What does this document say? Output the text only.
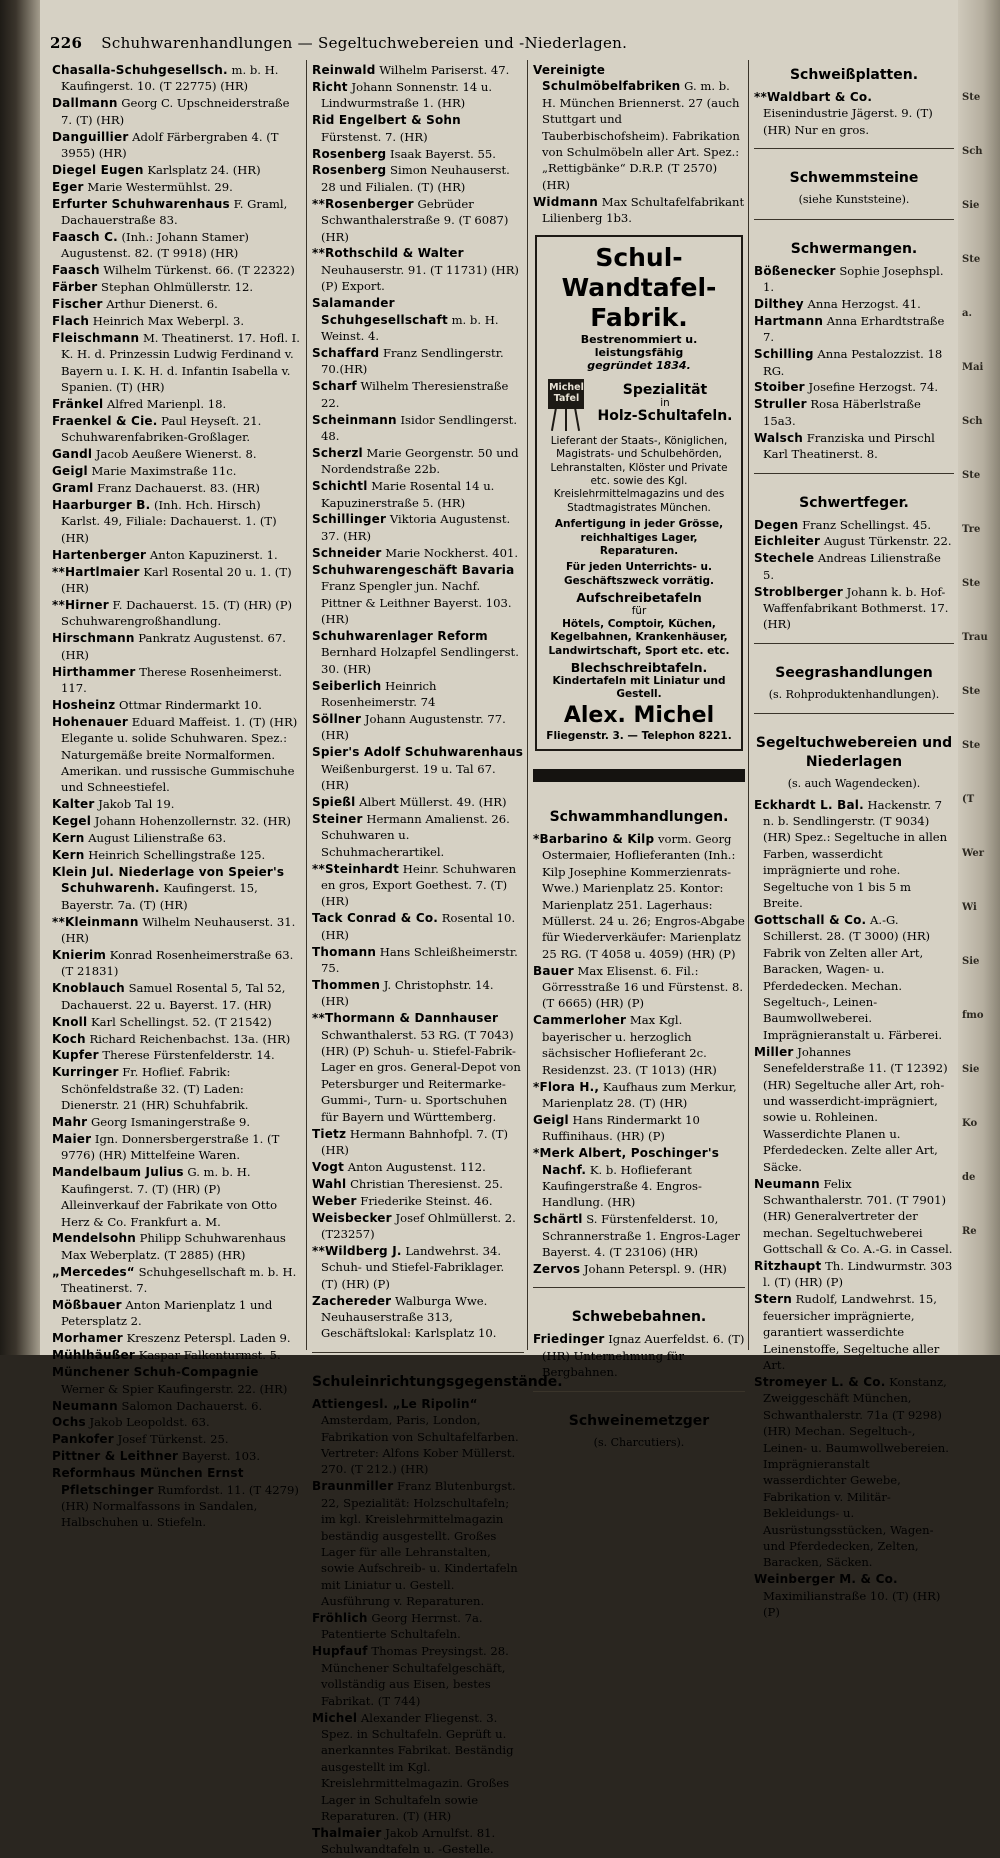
226 Schuhwarenhandlungen — Segeltuchwebereien und -Niederlagen.
Chasalla-Schuhgesellsch. m. b. H. Kaufingerst. 10. (T 22775) (HR)
Dallmann Georg C. Upschneiderstraße 7. (T) (HR)
Danguillier Adolf Färbergraben 4. (T 3955) (HR)
Diegel Eugen Karlsplatz 24. (HR)
Eger Marie Westermühlst. 29.
Erfurter Schuhwarenhaus F. Graml, Dachauerstraße 83.
Faasch C. (Inh.: Johann Stamer) Augustenst. 82. (T 9918) (HR)
Faasch Wilhelm Türkenst. 66. (T 22322)
Färber Stephan Ohlmüllerstr. 12.
Fischer Arthur Dienerst. 6.
Flach Heinrich Max Weberpl. 3.
Fleischmann M. Theatinerst. 17. Hofl. I. K. H. d. Prinzessin Ludwig Ferdinand v. Bayern u. I. K. H. d. Infantin Isabella v. Spanien. (T) (HR)
Fränkel Alfred Marienpl. 18.
Fraenkel & Cie. Paul Heyseſt. 21. Schuhwarenfabriken-Großlager.
Gandl Jacob Aeußere Wienerst. 8.
Geigl Marie Maximstraße 11c.
Graml Franz Dachauerst. 83. (HR)
Haarburger B. (Inh. Hch. Hirsch) Karlst. 49, Filiale: Dachauerst. 1. (T)(HR)
Hartenberger Anton Kapuzinerst. 1.
**Hartlmaier Karl Rosental 20 u. 1. (T) (HR)
**Hirner F. Dachauerst. 15. (T) (HR) (P) Schuhwarengroßhandlung.
Hirschmann Pankratz Augustenst. 67.(HR)
Hirthammer Therese Rosenheimerst. 117.
Hosheinz Ottmar Rindermarkt 10.
Hohenauer Eduard Maffeist. 1. (T) (HR) Elegante u. solide Schuhwaren. Spez.: Naturgemäße breite Normalformen. Amerikan. und russische Gummischuhe und Schneestiefel.
Kalter Jakob Tal 19.
Kegel Johann Hohenzollernstr. 32. (HR)
Kern August Lilienstraße 63.
Kern Heinrich Schellingstraße 125.
Klein Jul. Niederlage von Speier's Schuhwarenh. Kaufingerst. 15, Bayerstr. 7a. (T) (HR)
**Kleinmann Wilhelm Neuhauserst. 31. (HR)
Knierim Konrad Rosenheimerstraße 63. (T 21831)
Knoblauch Samuel Rosental 5, Tal 52, Dachauerst. 22 u. Bayerst. 17. (HR)
Knoll Karl Schellingst. 52. (T 21542)
Koch Richard Reichenbachst. 13a. (HR)
Kupfer Therese Fürstenfelderstr. 14.
Kurringer Fr. Hoflief. Fabrik: Schönfeldstraße 32. (T) Laden: Dienerstr. 21 (HR) Schuhfabrik.
Mahr Georg Ismaningerstraße 9.
Maier Ign. Donnersbergerstraße 1. (T 9776) (HR) Mittelfeine Waren.
Mandelbaum Julius G. m. b. H. Kaufingerst. 7. (T) (HR) (P) Alleinverkauf der Fabrikate von Otto Herz & Co. Frankfurt a. M.
Mendelsohn Philipp Schuhwarenhaus Max Weberplatz. (T 2885) (HR)
„Mercedes“ Schuhgesellschaft m. b. H. Theatinerst. 7.
Mößbauer Anton Marienplatz 1 und Petersplatz 2.
Morhamer Kreszenz Peterspl. Laden 9.
Mühlhäußer Kaspar Falkenturmst. 5.
Münchener Schuh-Compagnie Werner & Spier Kaufingerstr. 22. (HR)
Neumann Salomon Dachauerst. 6.
Ochs Jakob Leopoldst. 63.
Pankofer Josef Türkenst. 25.
Pittner & Leithner Bayerst. 103.
Reformhaus München Ernst Pfletschinger Rumfordst. 11. (T 4279) (HR) Normalfassons in Sandalen, Halbschuhen u. Stiefeln.
Reinwald Wilhelm Pariserst. 47.
Richt Johann Sonnenstr. 14 u. Lindwurmstraße 1. (HR)
Rid Engelbert & Sohn Fürstenst. 7. (HR)
Rosenberg Isaak Bayerst. 55.
Rosenberg Simon Neuhauserst. 28 und Filialen. (T) (HR)
**Rosenberger Gebrüder Schwanthalerstraße 9. (T 6087) (HR)
**Rothschild & Walter Neuhauserstr. 91. (T 11731) (HR) (P) Export.
Salamander Schuhgesellschaft m. b. H. Weinst. 4.
Schaffard Franz Sendlingerstr. 70.(HR)
Scharf Wilhelm Theresienstraße 22.
Scheinmann Isidor Sendlingerst. 48.
Scherzl Marie Georgenstr. 50 und Nordendstraße 22b.
Schichtl Marie Rosental 14 u. Kapuzinerstraße 5. (HR)
Schillinger Viktoria Augustenst. 37. (HR)
Schneider Marie Nockherst. 401.
Schuhwarengeschäft Bavaria Franz Spengler jun. Nachf. Pittner & Leithner Bayerst. 103. (HR)
Schuhwarenlager Reform Bernhard Holzapfel Sendlingerst. 30. (HR)
Seiberlich Heinrich Rosenheimerstr. 74
Söllner Johann Augustenstr. 77. (HR)
Spier's Adolf Schuhwarenhaus Weißenburgerst. 19 u. Tal 67. (HR)
Spießl Albert Müllerst. 49. (HR)
Steiner Hermann Amalienst. 26. Schuhwaren u. Schuhmacherartikel.
**Steinhardt Heinr. Schuhwaren en gros, Export Goethest. 7. (T) (HR)
Tack Conrad & Co. Rosental 10.(HR)
Thomann Hans Schleißheimerstr. 75.
Thommen J. Christophstr. 14. (HR)
**Thormann & Dannhauser Schwanthalerst. 53 RG. (T 7043) (HR) (P) Schuh- u. Stiefel-Fabrik-Lager en gros. General-Depot von Petersburger und Reitermarke-Gummi-, Turn- u. Sportschuhen für Bayern und Württemberg.
Tietz Hermann Bahnhofpl. 7. (T) (HR)
Vogt Anton Augustenst. 112.
Wahl Christian Theresienst. 25.
Weber Friederike Steinst. 46.
Weisbecker Josef Ohlmüllerst. 2.(T23257)
**Wildberg J. Landwehrst. 34. Schuh- und Stiefel-Fabriklager. (T) (HR) (P)
Zachereder Walburga Wwe. Neuhauserstraße 313, Geschäftslokal: Karlsplatz 10.
Schuleinrichtungsgegenstände.
Attiengesl. „Le Ripolin“ Amsterdam, Paris, London, Fabrikation von Schultafelfarben. Vertreter: Alfons Kober Müllerst. 270. (T 212.) (HR)
Braunmiller Franz Blutenburgst. 22, Spezialität: Holzschultafeln; im kgl. Kreislehrmittelmagazin beständig ausgestellt. Großes Lager für alle Lehranstalten, sowie Aufschreib- u. Kindertafeln mit Liniatur u. Gestell. Ausführung v. Reparaturen.
Fröhlich Georg Herrnst. 7a. Patentierte Schultafeln.
Hupfauf Thomas Preysingst. 28. Münchener Schultafelgeschäft, vollständig aus Eisen, bestes Fabrikat. (T 744)
Michel Alexander Fliegenst. 3. Spez. in Schultafeln. Geprüft u. anerkanntes Fabrikat. Beständig ausgestellt im Kgl. Kreislehrmittelmagazin. Großes Lager in Schultafeln sowie Reparaturen. (T) (HR)
Thalmaier Jakob Arnulfst. 81. Schulwandtafeln u. -Gestelle.
Vereinigte Schulmöbelfabriken G. m. b. H. München Briennerst. 27 (auch Stuttgart und Tauberbischofsheim). Fabrikation von Schulmöbeln aller Art. Spez.: „Rettigbänke“ D.R.P. (T 2570) (HR)
Widmann Max Schultafelfabrikant Lilienberg 1b3.
Schul-Wandtafel-
Fabrik.
Bestrenommiert u. leistungsfähig
gegründet 1834.
Michel
Tafel
Spezialität
in
Holz-Schultafeln.
Lieferant der Staats-, Königlichen, Magistrats- und Schulbehörden, Lehranstalten, Klöster und Private etc. sowie des Kgl. Kreislehrmittelmagazins und des Stadtmagistrates München.
Anfertigung in jeder Grösse, reichhaltiges Lager, Reparaturen.
Für jeden Unterrichts- u. Geschäftszweck vorrätig.
Aufschreibetafeln
für
Hötels, Comptoir, Küchen, Kegelbahnen, Krankenhäuser, Landwirtschaft, Sport etc. etc.
Blechschreibtafeln.
Kindertafeln mit Liniatur und Gestell.
Alex. Michel
Fliegenstr. 3. — Telephon 8221.
Schwammhandlungen.
*Barbarino & Kilp vorm. Georg Ostermaier, Hoflieferanten (Inh.: Kilp Josephine Kommerzienrats-Wwe.) Marienplatz 25. Kontor: Marienplatz 251. Lagerhaus: Müllerst. 24 u. 26; Engros-Abgabe für Wiederverkäufer: Marienplatz 25 RG. (T 4058 u. 4059) (HR) (P)
Bauer Max Elisenst. 6. Fil.: Görresstraße 16 und Fürstenst. 8. (T 6665) (HR) (P)
Cammerloher Max Kgl. bayerischer u. herzoglich sächsischer Hoflieferant 2c. Residenzst. 23. (T 1013) (HR)
*Flora H., Kaufhaus zum Merkur, Marienplatz 28. (T) (HR)
Geigl Hans Rindermarkt 10 Ruffinihaus. (HR) (P)
*Merk Albert, Poschinger's Nachf. K. b. Hoflieferant Kaufingerstraße 4. Engros-Handlung. (HR)
Schärtl S. Fürstenfelderst. 10, Schrannerstraße 1. Engros-Lager Bayerst. 4. (T 23106) (HR)
Zervos Johann Peterspl. 9. (HR)
Schwebebahnen.
Friedinger Ignaz Auerfeldst. 6. (T) (HR) Unternehmung für Bergbahnen.
Schweinemetzger
(s. Charcutiers).
Schweißplatten.
**Waldbart & Co. Eisenindustrie Jägerst. 9. (T) (HR) Nur en gros.
Schwemmsteine
(siehe Kunststeine).
Schwermangen.
Bößenecker Sophie Josephspl. 1.
Dilthey Anna Herzogst. 41.
Hartmann Anna Erhardtstraße 7.
Schilling Anna Pestalozzist. 18 RG.
Stoiber Josefine Herzogst. 74.
Struller Rosa Häberlstraße 15a3.
Walsch Franziska und Pirschl Karl Theatinerst. 8.
Schwertfeger.
Degen Franz Schellingst. 45.
Eichleiter August Türkenstr. 22.
Stechele Andreas Lilienstraße 5.
Stroblberger Johann k. b. Hof-Waffenfabrikant Bothmerst. 17. (HR)
Seegrashandlungen
(s. Rohproduktenhandlungen).
Segeltuchwebereien und Niederlagen
(s. auch Wagendecken).
Eckhardt L. Bal. Hackenstr. 7 n. b. Sendlingerstr. (T 9034) (HR) Spez.: Segeltuche in allen Farben, wasserdicht imprägnierte und rohe. Segeltuche von 1 bis 5 m Breite.
Gottschall & Co. A.-G. Schillerst. 28. (T 3000) (HR) Fabrik von Zelten aller Art, Baracken, Wagen- u. Pferdedecken. Mechan. Segeltuch-, Leinen-Baumwollweberei. Imprägnieranstalt u. Färberei.
Miller Johannes Senefelderstraße 11. (T 12392) (HR) Segeltuche aller Art, roh- und wasserdicht-imprägniert, sowie u. Rohleinen. Wasserdichte Planen u. Pferdedecken. Zelte aller Art, Säcke.
Neumann Felix Schwanthalerstr. 701. (T 7901) (HR) Generalvertreter der mechan. Segeltuchweberei Gottschall & Co. A.-G. in Cassel.
Ritzhaupt Th. Lindwurmstr. 303 l. (T) (HR) (P)
Stern Rudolf, Landwehrst. 15, feuersicher imprägnierte, garantiert wasserdichte Leinenstoffe, Segeltuche aller Art.
Stromeyer L. & Co. Konstanz, Zweiggeschäft München, Schwanthalerstr. 71a (T 9298) (HR) Mechan. Segeltuch-, Leinen- u. Baumwollwebereien. Imprägnieranstalt wasserdichter Gewebe, Fabrikation v. Militär-Bekleidungs- u. Ausrüstungsstücken, Wagen- und Pferdedecken, Zelten, Baracken, Säcken.
Weinberger M. & Co. Maximilianstraße 10. (T) (HR) (P)
Ste
Sch
Sie
Ste
a.
Mai
Sch
Ste
Tre
Ste
Trau
Ste
Ste
(T
Wer
Wi
Sie
fmo
Sie
Ko
de
Re
